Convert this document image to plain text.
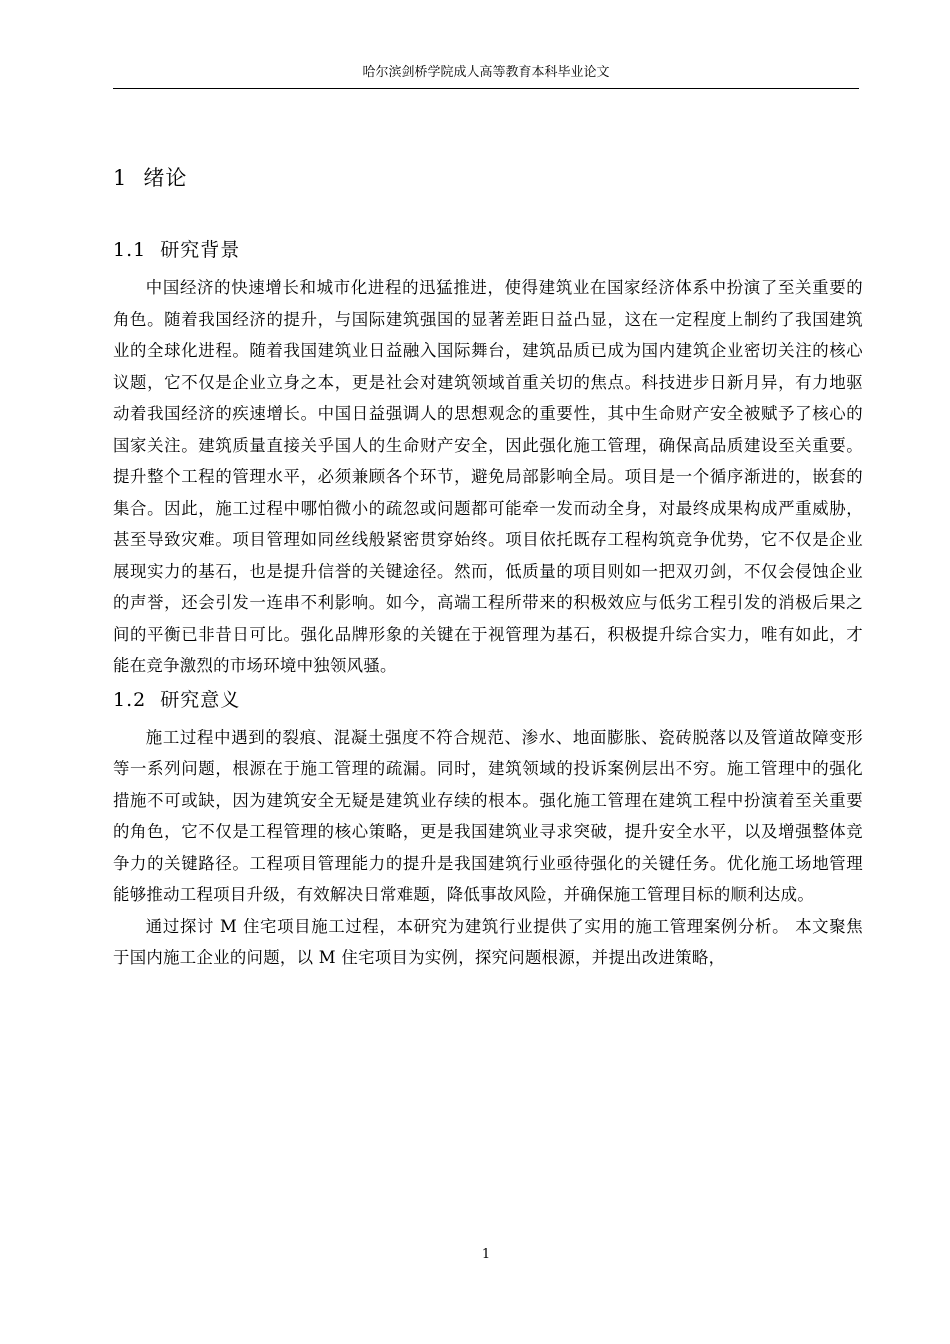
哈尔滨剑桥学院成人高等教育本科毕业论文
1 绪论
1.1 研究背景

中国经济的快速增长和城市化进程的迅猛推进，使得建筑业在国家经济体系中扮演了至关重要的角色。随着我国经济的提升，与国际建筑强国的显著差距日益凸显，这在一定程度上制约了我国建筑业的全球化进程。随着我国建筑业日益融入国际舞台，建筑品质已成为国内建筑企业密切关注的核心议题，它不仅是企业立身之本，更是社会对建筑领域首重关切的焦点。科技进步日新月异，有力地驱动着我国经济的疾速增长。中国日益强调人的思想观念的重要性，其中生命财产安全被赋予了核心的国家关注。建筑质量直接关乎国人的生命财产安全，因此强化施工管理，确保高品质建设至关重要。提升整个工程的管理水平，必须兼顾各个环节，避免局部影响全局。项目是一个循序渐进的，嵌套的集合。因此，施工过程中哪怕微小的疏忽或问题都可能牵一发而动全身，对最终成果构成严重威胁，甚至导致灾难。项目管理如同丝线般紧密贯穿始终。项目依托既存工程构筑竞争优势，它不仅是企业展现实力的基石，也是提升信誉的关键途径。然而，低质量的项目则如一把双刃剑，不仅会侵蚀企业的声誉，还会引发一连串不利影响。如今，高端工程所带来的积极效应与低劣工程引发的消极后果之间的平衡已非昔日可比。强化品牌形象的关键在于视管理为基石，积极提升综合实力，唯有如此，才能在竞争激烈的市场环境中独领风骚。

1.2 研究意义

施工过程中遇到的裂痕、混凝土强度不符合规范、渗水、地面膨胀、瓷砖脱落以及管道故障变形等一系列问题，根源在于施工管理的疏漏。同时，建筑领域的投诉案例层出不穷。施工管理中的强化措施不可或缺，因为建筑安全无疑是建筑业存续的根本。强化施工管理在建筑工程中扮演着至关重要的角色，它不仅是工程管理的核心策略，更是我国建筑业寻求突破，提升安全水平，以及增强整体竞争力的关键路径。工程项目管理能力的提升是我国建筑行业亟待强化的关键任务。优化施工场地管理能够推动工程项目升级，有效解决日常难题，降低事故风险，并确保施工管理目标的顺利达成。

通过探讨 M 住宅项目施工过程，本研究为建筑行业提供了实用的施工管理案例分析。 本文聚焦于国内施工企业的问题，以 M 住宅项目为实例，探究问题根源，并提出改进策略，

1
